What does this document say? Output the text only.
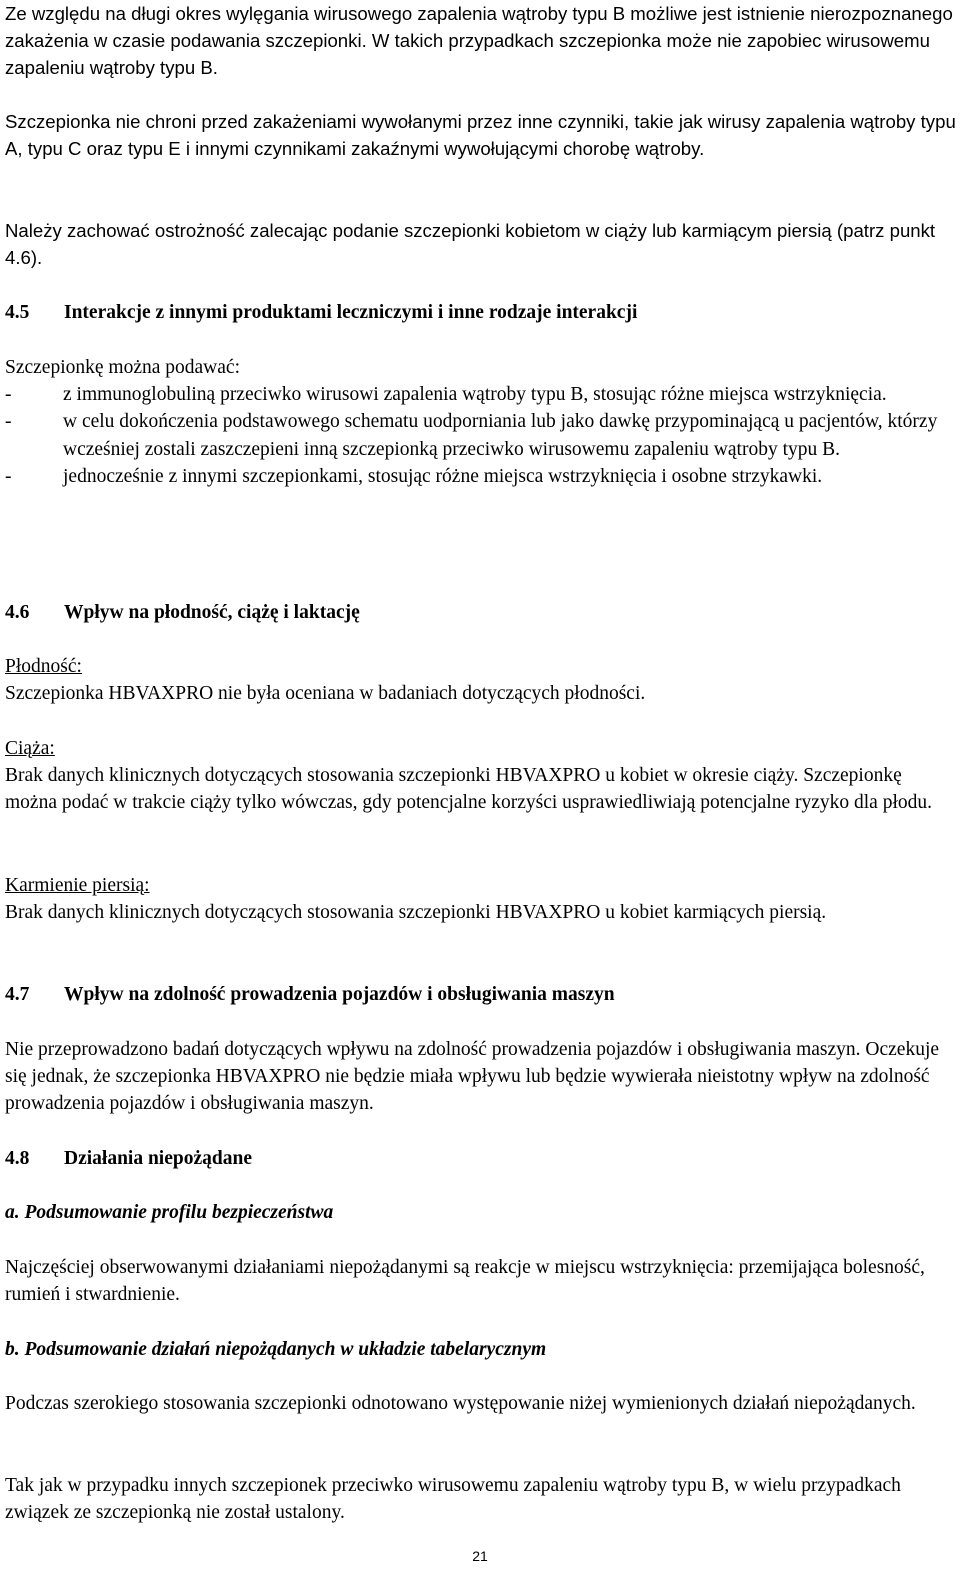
Ze względu na długi okres wylęgania wirusowego zapalenia wątroby typu B możliwe jest istnienie nierozpoznanego zakażenia w czasie podawania szczepionki. W takich przypadkach szczepionka może nie zapobiec wirusowemu zapaleniu wątroby typu B.

Szczepionka nie chroni przed zakażeniami wywołanymi przez inne czynniki, takie jak wirusy zapalenia wątroby typu A, typu C oraz typu E i innymi czynnikami zakaźnymi wywołującymi chorobę wątroby.

Należy zachować ostrożność zalecając podanie szczepionki kobietom w ciąży lub karmiącym piersią (patrz punkt 4.6).

4.5 Interakcje z innymi produktami leczniczymi i inne rodzaje interakcji

Szczepionkę można podawać:

-	z immunoglobuliną przeciwko wirusowi zapalenia wątroby typu B, stosując różne miejsca wstrzyknięcia.
-	w celu dokończenia podstawowego schematu uodporniania lub jako dawkę przypominającą u pacjentów, którzy wcześniej zostali zaszczepieni inną szczepionką przeciwko wirusowemu zapaleniu wątroby typu B.
-	jednocześnie z innymi szczepionkami, stosując różne miejsca wstrzyknięcia i osobne strzykawki.

4.6 Wpływ na płodność, ciążę i laktację

Płodność:

Szczepionka HBVAXPRO nie była oceniana w badaniach dotyczących płodności.

Ciąża:

Brak danych klinicznych dotyczących stosowania szczepionki HBVAXPRO u kobiet w okresie ciąży. Szczepionkę można podać w trakcie ciąży tylko wówczas, gdy potencjalne korzyści usprawiedliwiają potencjalne ryzyko dla płodu.

Karmienie piersią:

Brak danych klinicznych dotyczących stosowania szczepionki HBVAXPRO u kobiet karmiących piersią.

4.7 Wpływ na zdolność prowadzenia pojazdów i obsługiwania maszyn

Nie przeprowadzono badań dotyczących wpływu na zdolność prowadzenia pojazdów i obsługiwania maszyn. Oczekuje się jednak, że szczepionka HBVAXPRO nie będzie miała wpływu lub będzie wywierała nieistotny wpływ na zdolność prowadzenia pojazdów i obsługiwania maszyn.

4.8 Działania niepożądane

a. Podsumowanie profilu bezpieczeństwa

Najczęściej obserwowanymi działaniami niepożądanymi są reakcje w miejscu wstrzyknięcia: przemijająca bolesność, rumień i stwardnienie.

b. Podsumowanie działań niepożądanych w układzie tabelarycznym

Podczas szerokiego stosowania szczepionki odnotowano występowanie niżej wymienionych działań niepożądanych.

Tak jak w przypadku innych szczepionek przeciwko wirusowemu zapaleniu wątroby typu B, w wielu przypadkach związek ze szczepionką nie został ustalony.

21
